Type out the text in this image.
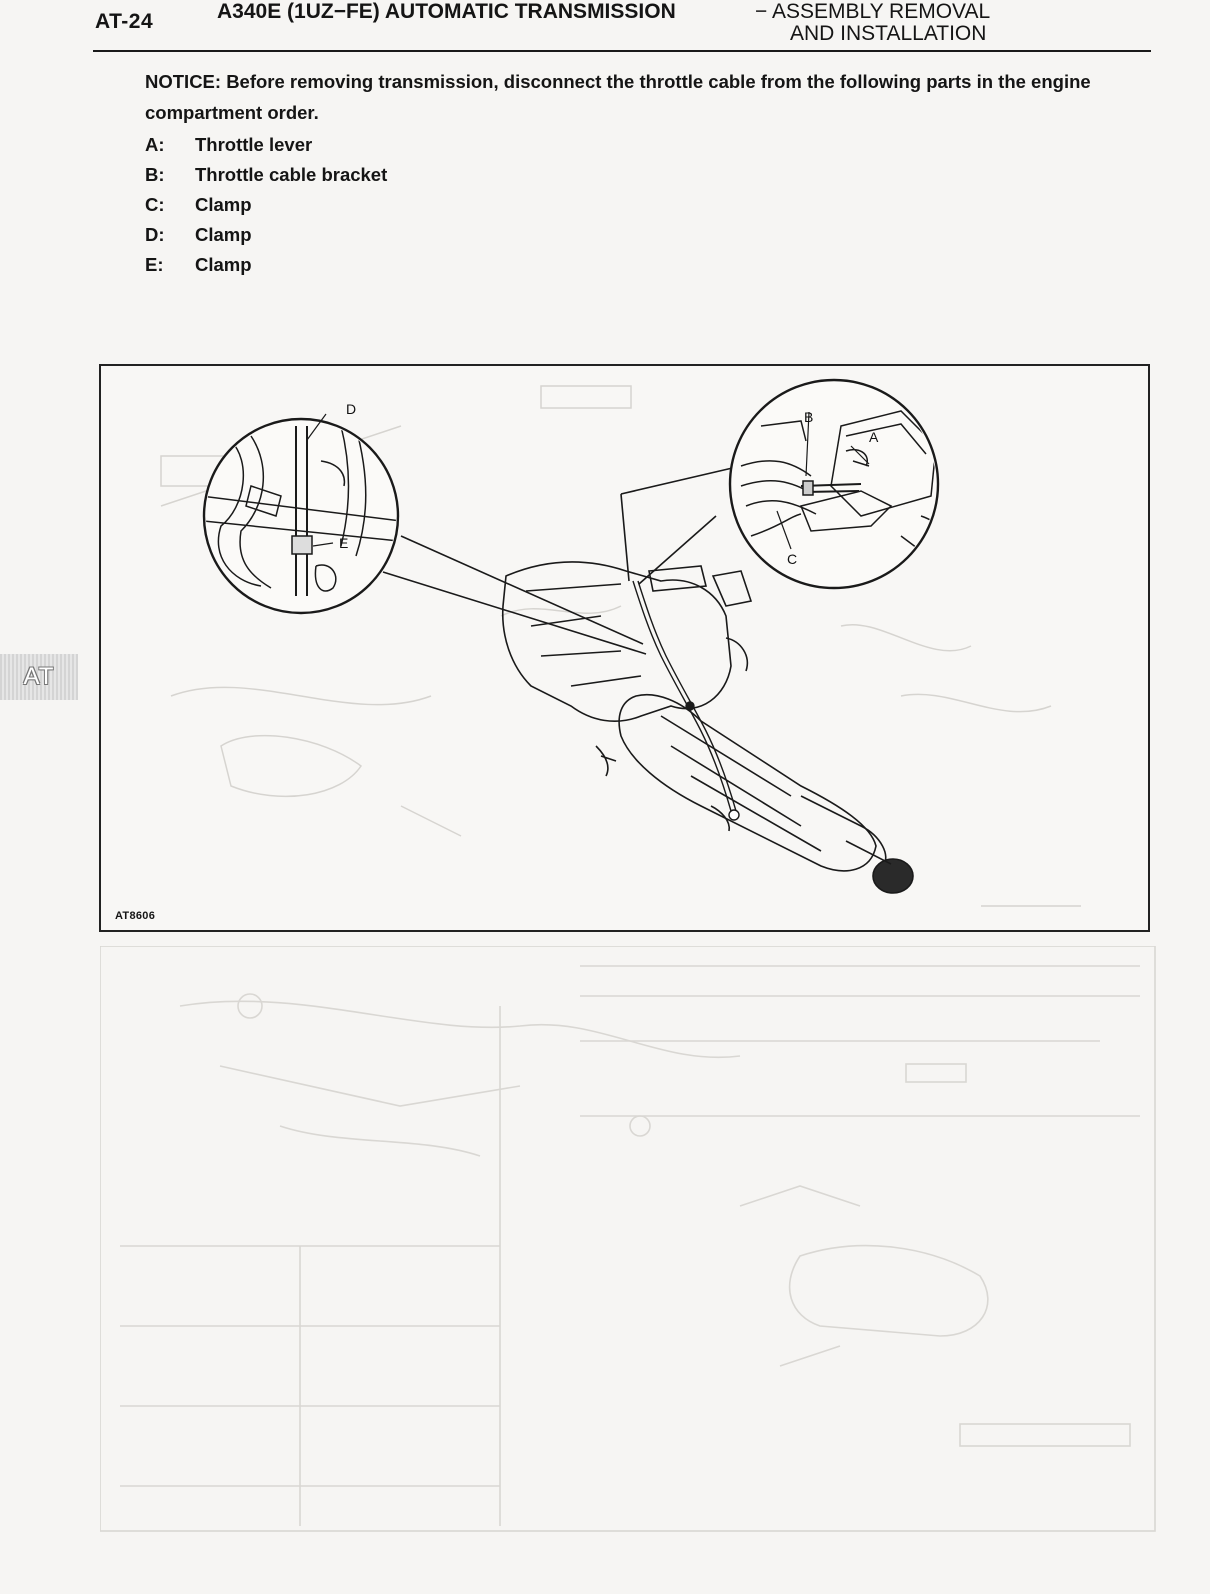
AT-24	A340E (1UZ−FE) AUTOMATIC TRANSMISSION	− ASSEMBLY REMOVAL
AND INSTALLATION
NOTICE: Before removing transmission, disconnect the throttle cable from the following parts in the engine compartment order.
A:	Throttle lever
B:	Throttle cable bracket
C:	Clamp
D:	Clamp
E:	Clamp
D
E
A
B
C
AT8606
AT
